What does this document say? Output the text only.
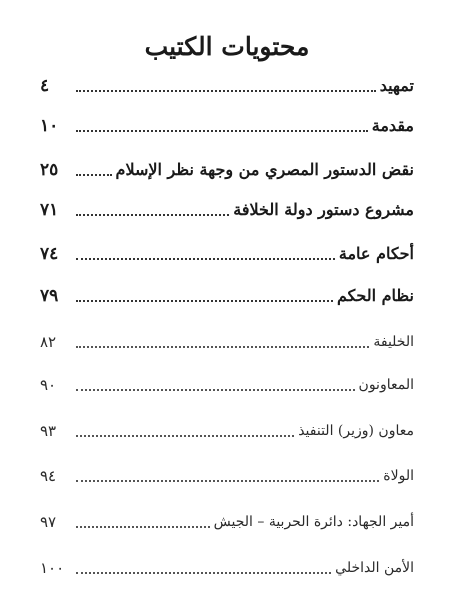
محتويات الكتيب
٤	تمهيد
١٠	مقدمة
٢٥	نقض الدستور المصري من وجهة نظر الإسلام
٧١	مشروع دستور دولة الخلافة
٧٤	أحكام عامة
٧٩	نظام الحكم
٨٢	الخليفة
٩٠	المعاونون
٩٣	معاون (وزير) التنفيذ
٩٤	الولاة
٩٧	أمير الجهاد: دائرة الحربية – الجيش
١٠٠	الأمن الداخلي
